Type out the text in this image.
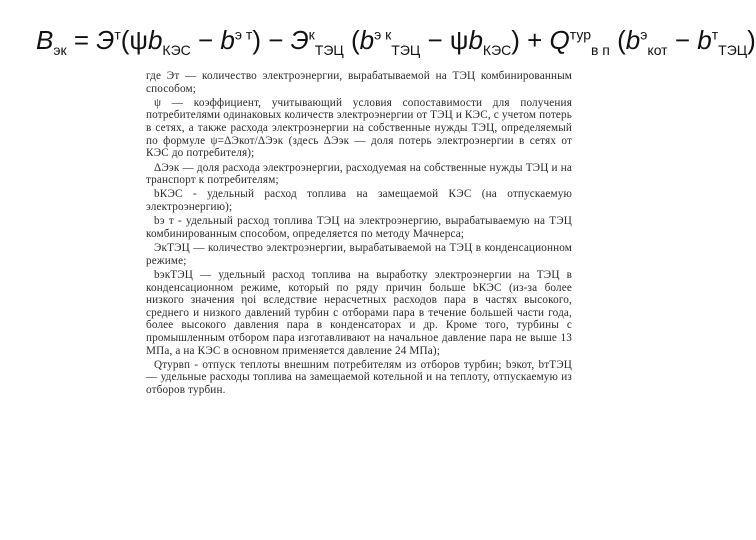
$B_{эк} = Э^т(\psi b_{КЭС} - b^{э т}) - Э^к_{ТЭЦ}$ $(b^{э к}_{ТЭЦ} - \psi b_{КЭС}) + Q^{тур}_{в п}$ $(b^э_{кот} - b^т_{ТЭЦ})$

где Эт — количество электроэнергии, вырабатываемой на ТЭЦ комбинированным способом;

ψ — коэффициент, учитывающий условия сопоставимости для получения потребителями одинаковых количеств электроэнергии от ТЭЦ и КЭС, с учетом потерь в сетях, а также расхода электроэнергии на собственные нужды ТЭЦ, определяемый по формуле ψ=ΔЭкот/ΔЭэк (здесь ΔЭэк — доля потерь электроэнергии в сетях от КЭС до потребителя);

ΔЭэк — доля расхода электроэнергии, расходуемая на собственные нужды ТЭЦ и на транспорт к потребителям;

bКЭС - удельный расход топлива на замещаемой КЭС (на отпускаемую электроэнергию);

bэ т - удельный расход топлива ТЭЦ на электроэнергию, вырабатываемую на ТЭЦ комбинированным способом, определяется по методу Мачнерса;

ЭкТЭЦ — количество электроэнергии, вырабатываемой на ТЭЦ в конденсационном режиме;

bэкТЭЦ — удельный расход топлива на выработку электроэнергии на ТЭЦ в конденсационном режиме, который по ряду причин больше bКЭС (из-за более низкого значения ηоi вследствие нерасчетных расходов пара в частях высокого, среднего и низкого давлений турбин с отборами пара в течение большей части года, более высокого давления пара в конденсаторах и др. Кроме того, турбины с промышленным отбором пара изготавливают на начальное давление пара не выше 13 МПа, а на КЭС в основном применяется давление 24 МПа);

Qтурвп - отпуск теплоты внешним потребителям из отборов турбин; bэкот, bтТЭЦ — удельные расходы топлива на замещаемой котельной и на теплоту, отпускаемую из отборов турбин.
